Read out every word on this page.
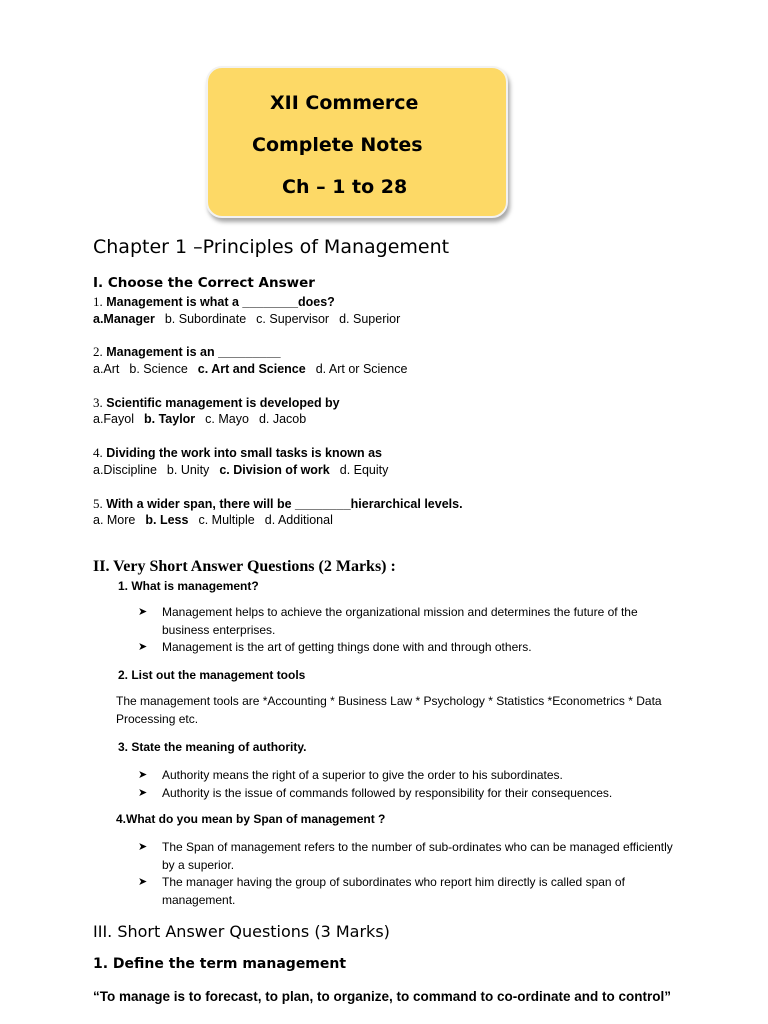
XII Commerce
Complete Notes
Ch – 1 to 28
Chapter 1 –Principles of Management
I. Choose the Correct Answer
1. Management is what a ________does?
a.Manager b. Subordinate c. Supervisor d. Superior
2. Management is an _________
a.Art b. Science c. Art and Science d. Art or Science
3. Scientific management is developed by
a.Fayol b. Taylor c. Mayo d. Jacob
4. Dividing the work into small tasks is known as
a.Discipline b. Unity c. Division of work d. Equity
5. With a wider span, there will be ________hierarchical levels.
a. More b. Less c. Multiple d. Additional
II. Very Short Answer Questions (2 Marks) :
1. What is management?
➤ Management helps to achieve the organizational mission and determines the future of the business enterprises.
➤ Management is the art of getting things done with and through others.
2. List out the management tools
The management tools are *Accounting * Business Law * Psychology * Statistics *Econometrics * Data Processing etc.
3. State the meaning of authority.
➤ Authority means the right of a superior to give the order to his subordinates.
➤ Authority is the issue of commands followed by responsibility for their consequences.
4.What do you mean by Span of management ?
➤ The Span of management refers to the number of sub-ordinates who can be managed efficiently by a superior.
➤ The manager having the group of subordinates who report him directly is called span of management.
III. Short Answer Questions (3 Marks)
1. Define the term management
“To manage is to forecast, to plan, to organize, to command to co-ordinate and to control”
